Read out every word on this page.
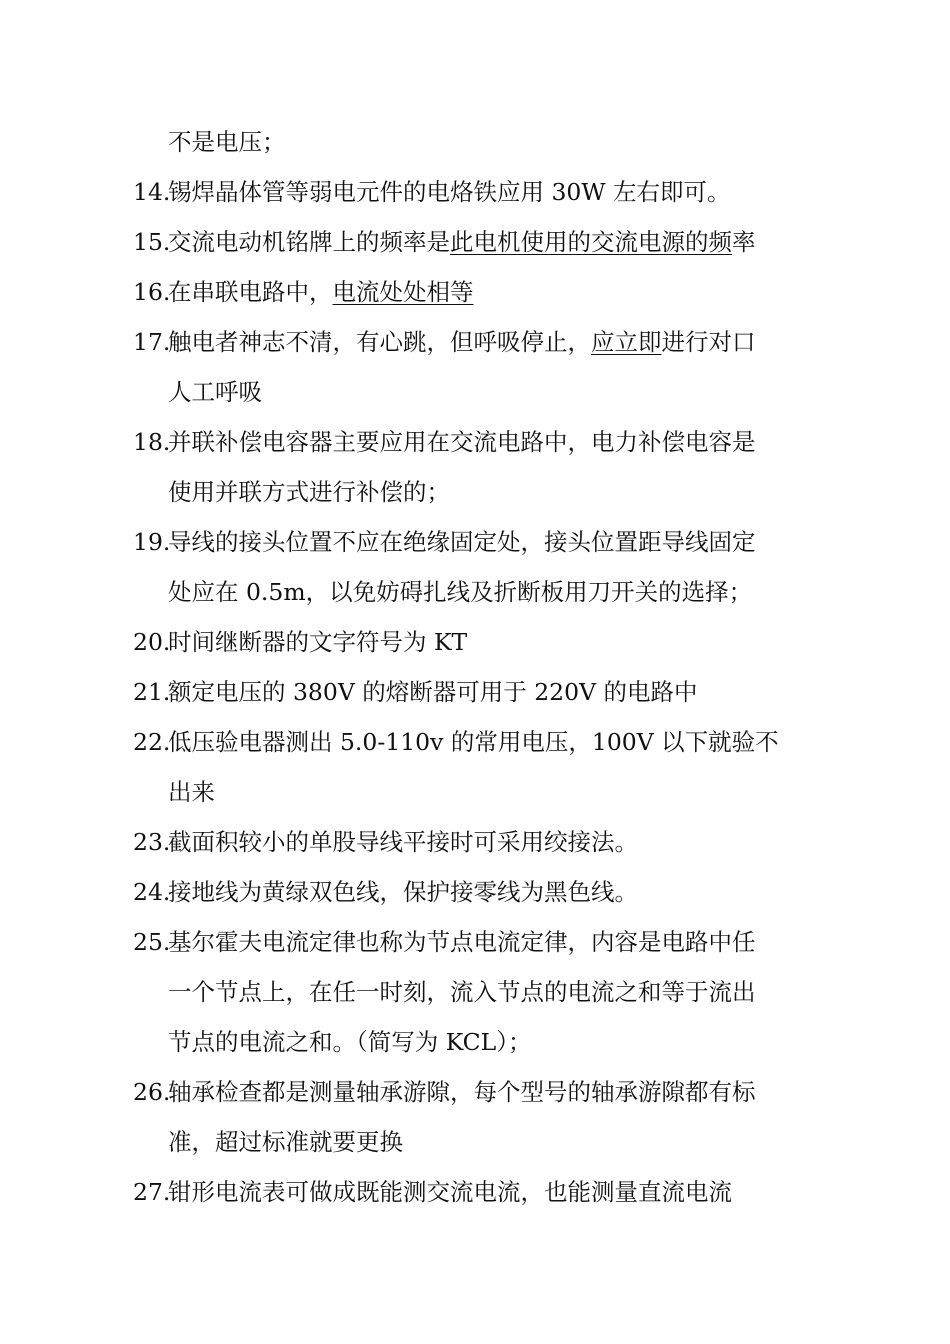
不是电压；
14.
锡焊晶体管等弱电元件的电烙铁应用 30W 左右即可。
15.
交流电动机铭牌上的频率是此电机使用的交流电源的频率
16.
在串联电路中，电流处处相等
17.
触电者神志不清，有心跳，但呼吸停止，应立即进行对口
人工呼吸
18.
并联补偿电容器主要应用在交流电路中，电力补偿电容是
使用并联方式进行补偿的；
19.
导线的接头位置不应在绝缘固定处，接头位置距导线固定
处应在 0.5m，以免妨碍扎线及折断板用刀开关的选择；
20.
时间继断器的文字符号为 KT
21.
额定电压的 380V 的熔断器可用于 220V 的电路中
22.
低压验电器测出 5.0-110v 的常用电压，100V 以下就验不
出来
23.
截面积较小的单股导线平接时可采用绞接法。
24.
接地线为黄绿双色线，保护接零线为黑色线。
25.
基尔霍夫电流定律也称为节点电流定律，内容是电路中任
一个节点上，在任一时刻，流入节点的电流之和等于流出
节点的电流之和。（简写为 KCL）；
26.
轴承检查都是测量轴承游隙，每个型号的轴承游隙都有标
准，超过标准就要更换
27.
钳形电流表可做成既能测交流电流，也能测量直流电流
